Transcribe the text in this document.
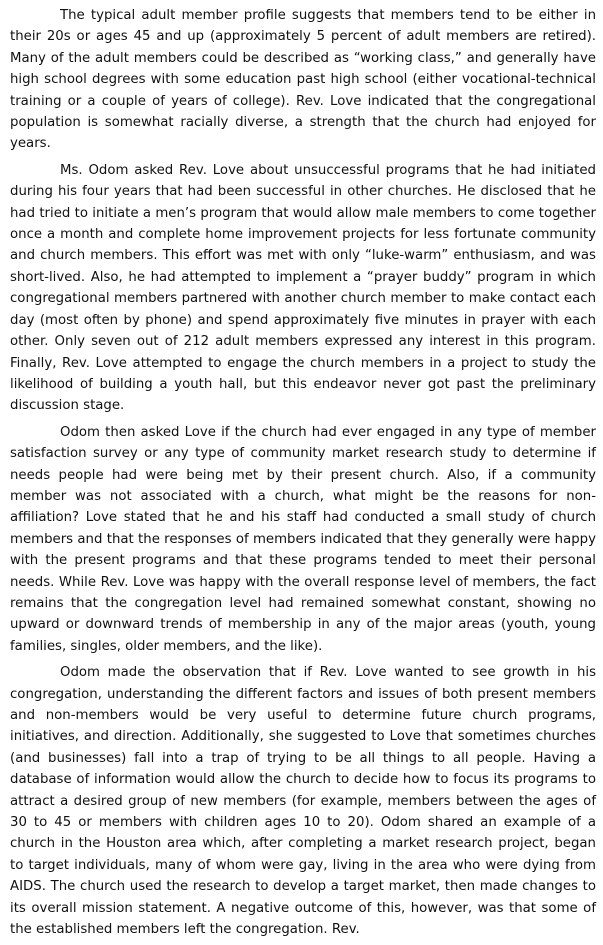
The typical adult member profile suggests that members tend to be either in their 20s or ages 45 and up (approximately 5 percent of adult members are retired). Many of the adult members could be described as “working class,” and generally have high school degrees with some education past high school (either vocational-technical training or a couple of years of college). Rev. Love indicated that the congregational population is somewhat racially diverse, a strength that the church had enjoyed for years.

Ms. Odom asked Rev. Love about unsuccessful programs that he had initiated during his four years that had been successful in other churches. He disclosed that he had tried to initiate a men’s program that would allow male members to come together once a month and complete home improvement projects for less fortunate community and church members. This effort was met with only “luke-warm” enthusiasm, and was short-lived. Also, he had attempted to implement a “prayer buddy” program in which congregational members partnered with another church member to make contact each day (most often by phone) and spend approximately five minutes in prayer with each other. Only seven out of 212 adult members expressed any interest in this program. Finally, Rev. Love attempted to engage the church members in a project to study the likelihood of building a youth hall, but this endeavor never got past the preliminary discussion stage.

Odom then asked Love if the church had ever engaged in any type of member satisfaction survey or any type of community market research study to determine if needs people had were being met by their present church. Also, if a community member was not associated with a church, what might be the reasons for non-affiliation? Love stated that he and his staff had conducted a small study of church members and that the responses of members indicated that they generally were happy with the present programs and that these programs tended to meet their personal needs. While Rev. Love was happy with the overall response level of members, the fact remains that the congregation level had remained somewhat constant, showing no upward or downward trends of membership in any of the major areas (youth, young families, singles, older members, and the like).

Odom made the observation that if Rev. Love wanted to see growth in his congregation, understanding the different factors and issues of both present members and non-members would be very useful to determine future church programs, initiatives, and direction. Additionally, she suggested to Love that sometimes churches (and businesses) fall into a trap of trying to be all things to all people. Having a database of information would allow the church to decide how to focus its programs to attract a desired group of new members (for example, members between the ages of 30 to 45 or members with children ages 10 to 20). Odom shared an example of a church in the Houston area which, after completing a market research project, began to target individuals, many of whom were gay, living in the area who were dying from AIDS. The church used the research to develop a target market, then made changes to its overall mission statement. A negative outcome of this, however, was that some of the established members left the congregation. Rev.
